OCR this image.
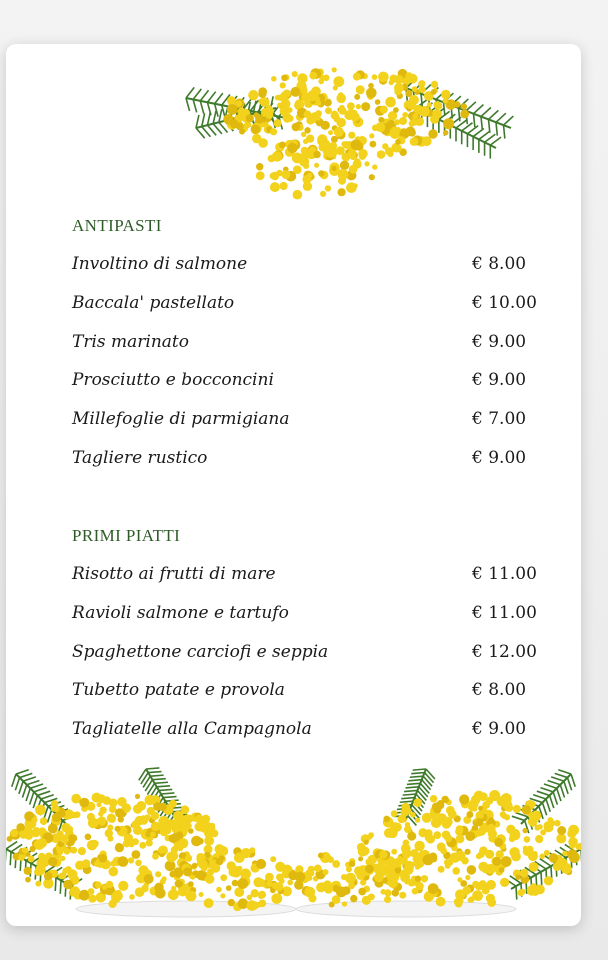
ANTIPASTI
Involtino di salmone	€ 8.00
Baccala' pastellato	€ 10.00
Tris marinato	€ 9.00
Prosciutto e bocconcini	€ 9.00
Millefoglie di parmigiana	€ 7.00
Tagliere rustico	€ 9.00
PRIMI PIATTI
Risotto ai frutti di mare	€ 11.00
Ravioli salmone e tartufo	€ 11.00
Spaghettone carciofi e seppia	€ 12.00
Tubetto patate e provola	€ 8.00
Tagliatelle alla Campagnola	€ 9.00
